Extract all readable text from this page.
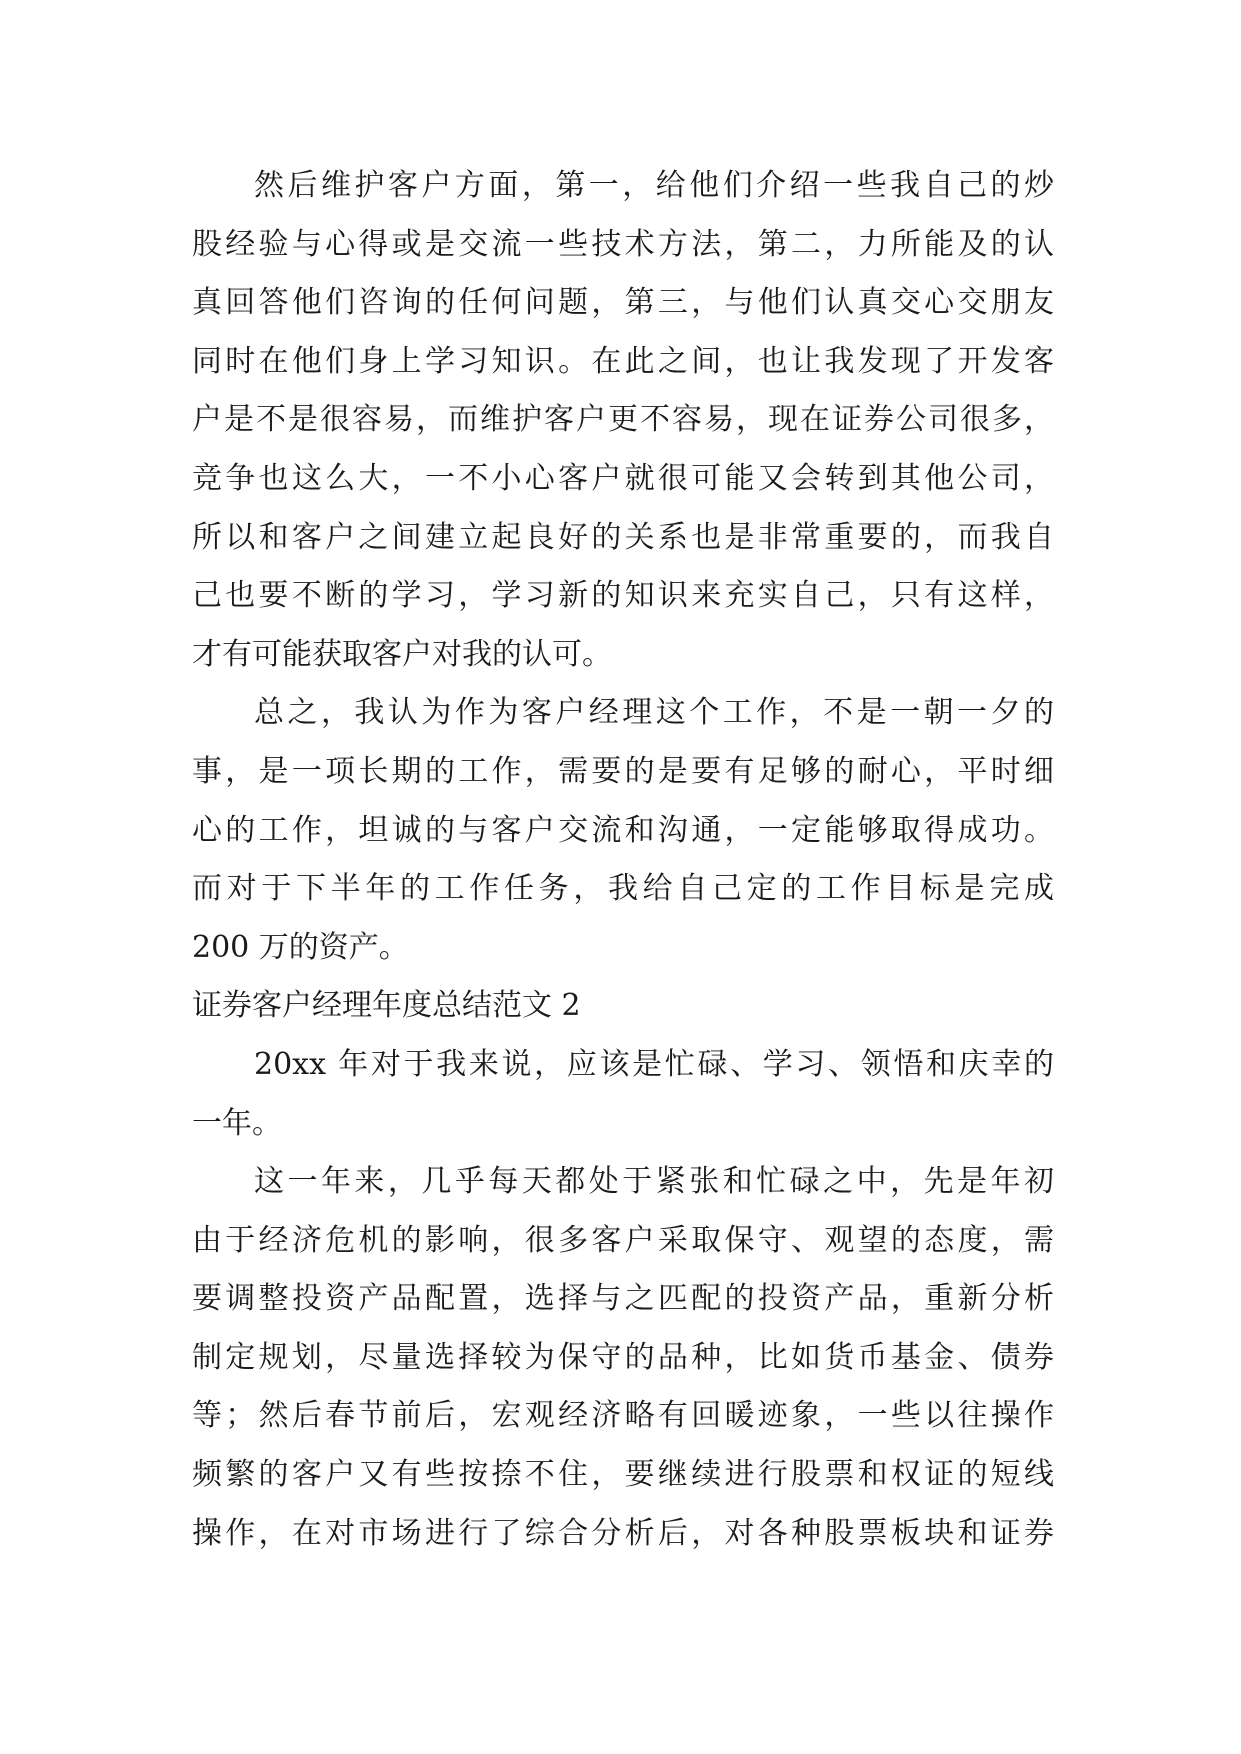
然后维护客户方面，第一，给他们介绍一些我自己的炒
股经验与心得或是交流一些技术方法，第二，力所能及的认
真回答他们咨询的任何问题，第三，与他们认真交心交朋友
同时在他们身上学习知识。在此之间，也让我发现了开发客
户是不是很容易，而维护客户更不容易，现在证券公司很多，
竞争也这么大，一不小心客户就很可能又会转到其他公司，
所以和客户之间建立起良好的关系也是非常重要的，而我自
己也要不断的学习，学习新的知识来充实自己，只有这样，
才有可能获取客户对我的认可。
总之，我认为作为客户经理这个工作，不是一朝一夕的
事，是一项长期的工作，需要的是要有足够的耐心，平时细
心的工作，坦诚的与客户交流和沟通，一定能够取得成功。
而对于下半年的工作任务，我给自己定的工作目标是完成
200 万的资产。
证券客户经理年度总结范文 2
20xx 年对于我来说，应该是忙碌、学习、领悟和庆幸的
一年。
这一年来，几乎每天都处于紧张和忙碌之中，先是年初
由于经济危机的影响，很多客户采取保守、观望的态度，需
要调整投资产品配置，选择与之匹配的投资产品，重新分析
制定规划，尽量选择较为保守的品种，比如货币基金、债券
等；然后春节前后，宏观经济略有回暖迹象，一些以往操作
频繁的客户又有些按捺不住，要继续进行股票和权证的短线
操作，在对市场进行了综合分析后，对各种股票板块和证券
